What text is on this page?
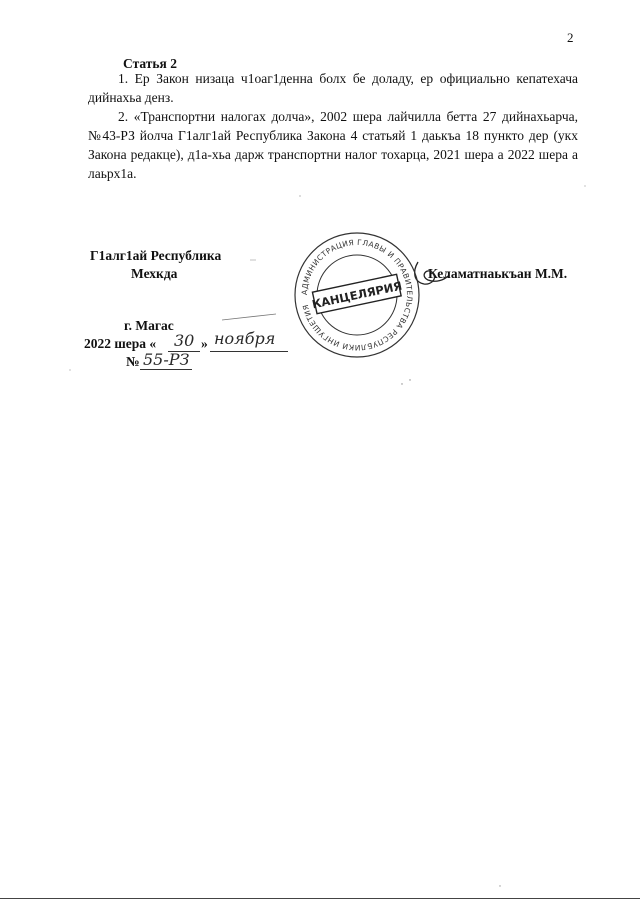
2
Статья 2

1. Ер Закон низаца ч1оаг1денна болх бе доладу, ер официально кепатехача дийнахьа денз.

2. «Транспортни налогах долча», 2002 шера лайчилла бетта 27 дийнахьарча, №43-РЗ йолча Г1алг1ай Республика Закона 4 статьяй 1 даькъа 18 пункто дер (укх Закона редакце), д1а-хьа дарж транспортни налог тохарца, 2021 шера а 2022 шера а лаьрх1а.

Г1алг1ай Республика
Мехкда	Келаматнаькъан М.М.
АДМИНИСТРАЦИЯ ГЛАВЫ И ПРАВИТЕЛЬСТВА РЕСПУБЛИКИ ИНГУШЕТИЯ КАНЦЕЛЯРИЯ
г. Магас
2022 шера « 30 » ноября
№ 55-РЗ
